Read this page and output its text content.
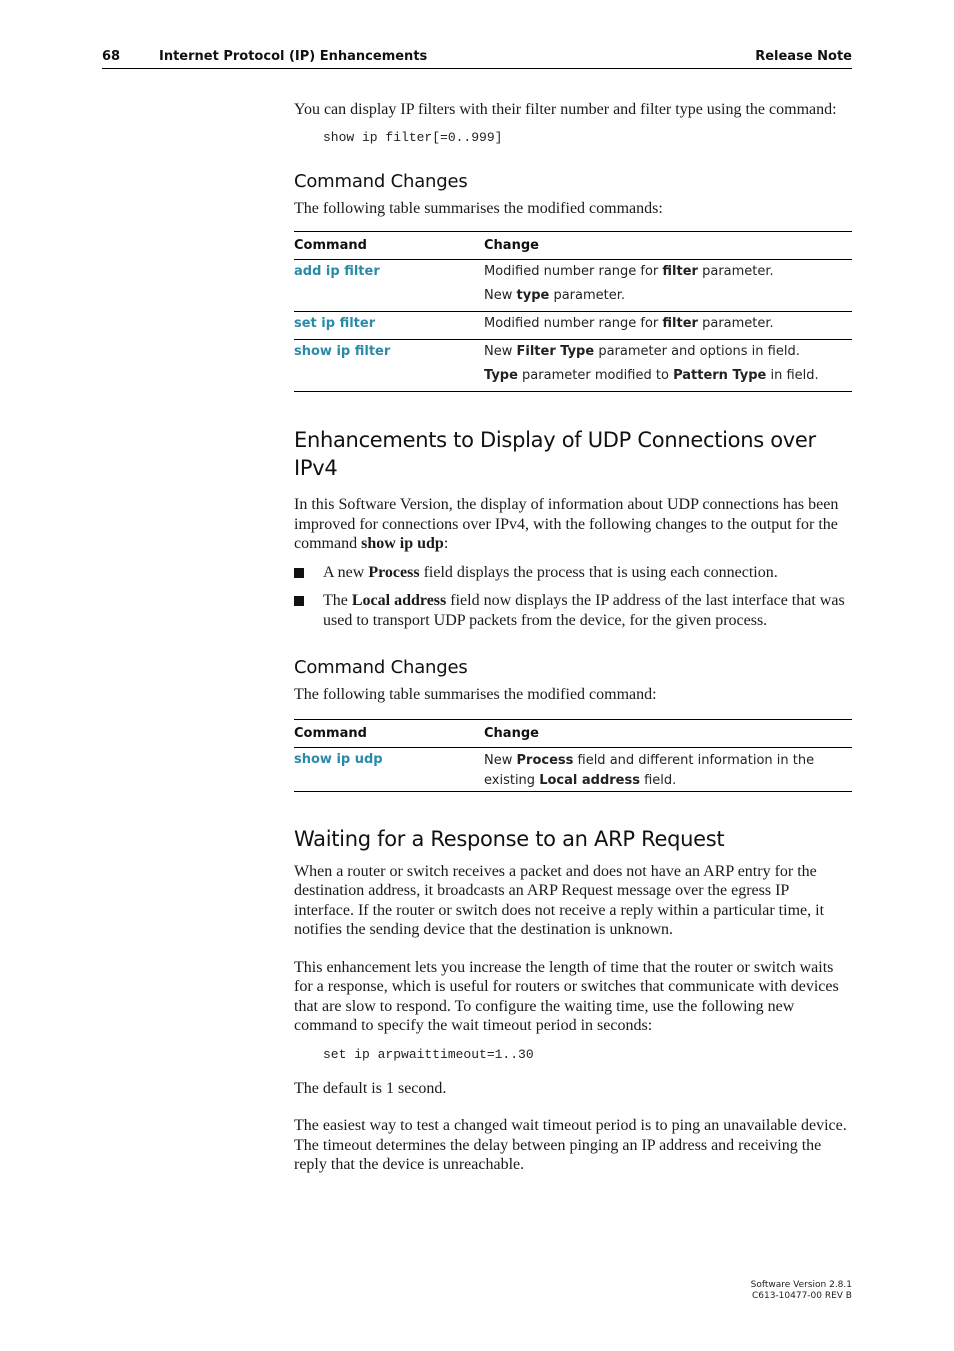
68	Internet Protocol (IP) Enhancements	Release Note

You can display IP filters with their filter number and filter type using the command:

show ip filter[=0..999]
Command Changes

The following table summarises the modified commands:

Command	Change

add ip filter	Modified number range for filter parameter.
New type parameter.

set ip filter	Modified number range for filter parameter.

show ip filter	New Filter Type parameter and options in field.
Type parameter modified to Pattern Type in field.
Enhancements to Display of UDP Connections over IPv4

In this Software Version, the display of information about UDP connections has been improved for connections over IPv4, with the following changes to the output for the command show ip udp:

A new Process field displays the process that is using each connection.

The Local address field now displays the IP address of the last interface that was used to transport UDP packets from the device, for the given process.

Command Changes

The following table summarises the modified command:

Command	Change

show ip udp	New Process field and different information in the existing Local address field.
Waiting for a Response to an ARP Request

When a router or switch receives a packet and does not have an ARP entry for the destination address, it broadcasts an ARP Request message over the egress IP interface. If the router or switch does not receive a reply within a particular time, it notifies the sending device that the destination is unknown.

This enhancement lets you increase the length of time that the router or switch waits for a response, which is useful for routers or switches that communicate with devices that are slow to respond. To configure the waiting time, use the following new command to specify the wait timeout period in seconds:

set ip arpwaittimeout=1..30

The default is 1 second.

The easiest way to test a changed wait timeout period is to ping an unavailable device. The timeout determines the delay between pinging an IP address and receiving the reply that the device is unreachable.

Software Version 2.8.1
C613-10477-00 REV B
